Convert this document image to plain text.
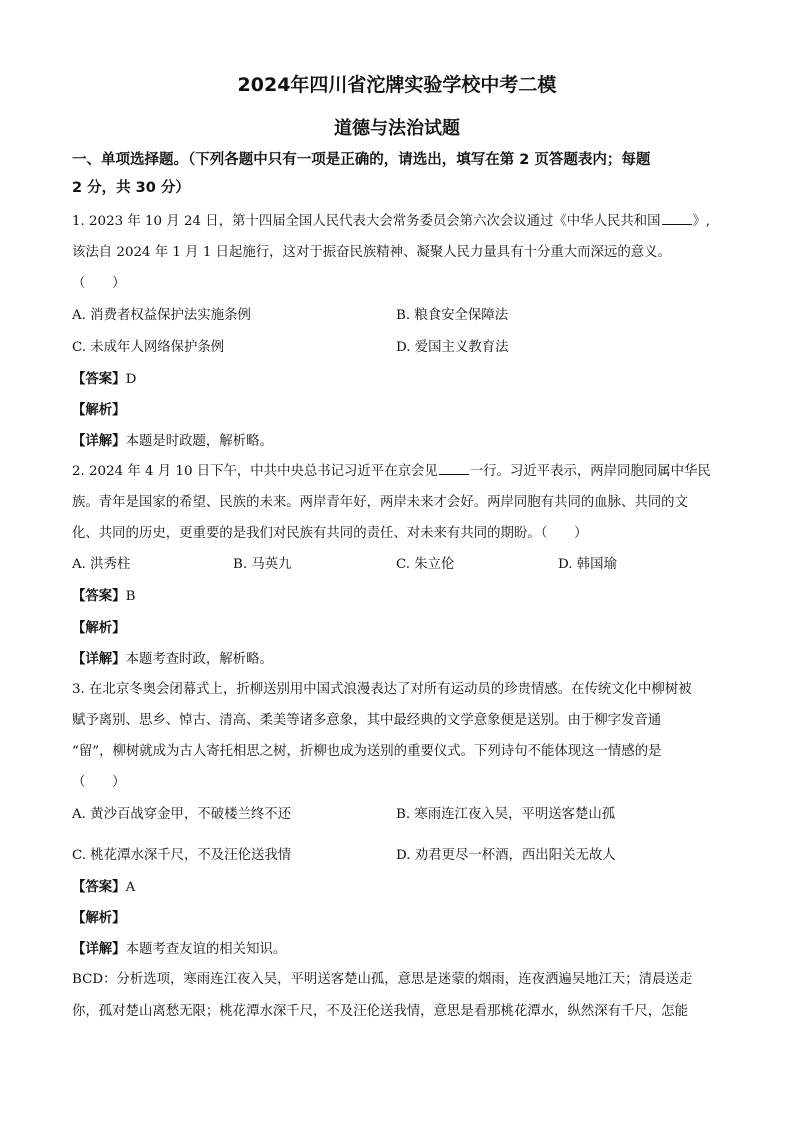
2024年四川省沱牌实验学校中考二模
道德与法治试题
一、单项选择题。（下列各题中只有一项是正确的，请选出，填写在第 2 页答题表内；每题
2 分，共 30 分）
1. 2023 年 10 月 24 日，第十四届全国人民代表大会常务委员会第六次会议通过《中华人民共和国 》,
该法自 2024 年 1 月 1 日起施行，这对于振奋民族精神、凝聚人民力量具有十分重大而深远的意义。
（　　）
A. 消费者权益保护法实施条例	B. 粮食安全保障法
C. 未成年人网络保护条例	D. 爱国主义教育法
【答案】D
【解析】
【详解】本题是时政题，解析略。
2. 2024 年 4 月 10 日下午，中共中央总书记习近平在京会见 一行。习近平表示，两岸同胞同属中华民
族。青年是国家的希望、民族的未来。两岸青年好，两岸未来才会好。两岸同胞有共同的血脉、共同的文
化、共同的历史，更重要的是我们对民族有共同的责任、对未来有共同的期盼。（　　）
A. 洪秀柱	B. 马英九	C. 朱立伦	D. 韩国瑜
【答案】B
【解析】
【详解】本题考查时政，解析略。
3. 在北京冬奥会闭幕式上，折柳送别用中国式浪漫表达了对所有运动员的珍贵情感。在传统文化中柳树被
赋予离别、思乡、悼古、清高、柔美等诸多意象，其中最经典的文学意象便是送别。由于柳字发音通
“留”，柳树就成为古人寄托相思之树，折柳也成为送别的重要仪式。下列诗句不能体现这一情感的是
（　　）
A. 黄沙百战穿金甲，不破楼兰终不还	B. 寒雨连江夜入吴，平明送客楚山孤
C. 桃花潭水深千尺，不及汪伦送我情	D. 劝君更尽一杯酒，西出阳关无故人
【答案】A
【解析】
【详解】本题考查友谊的相关知识。
BCD：分析选项，寒雨连江夜入吴，平明送客楚山孤，意思是迷蒙的烟雨，连夜洒遍吴地江天；清晨送走
你，孤对楚山离愁无限；桃花潭水深千尺，不及汪伦送我情，意思是看那桃花潭水，纵然深有千尺，怎能
